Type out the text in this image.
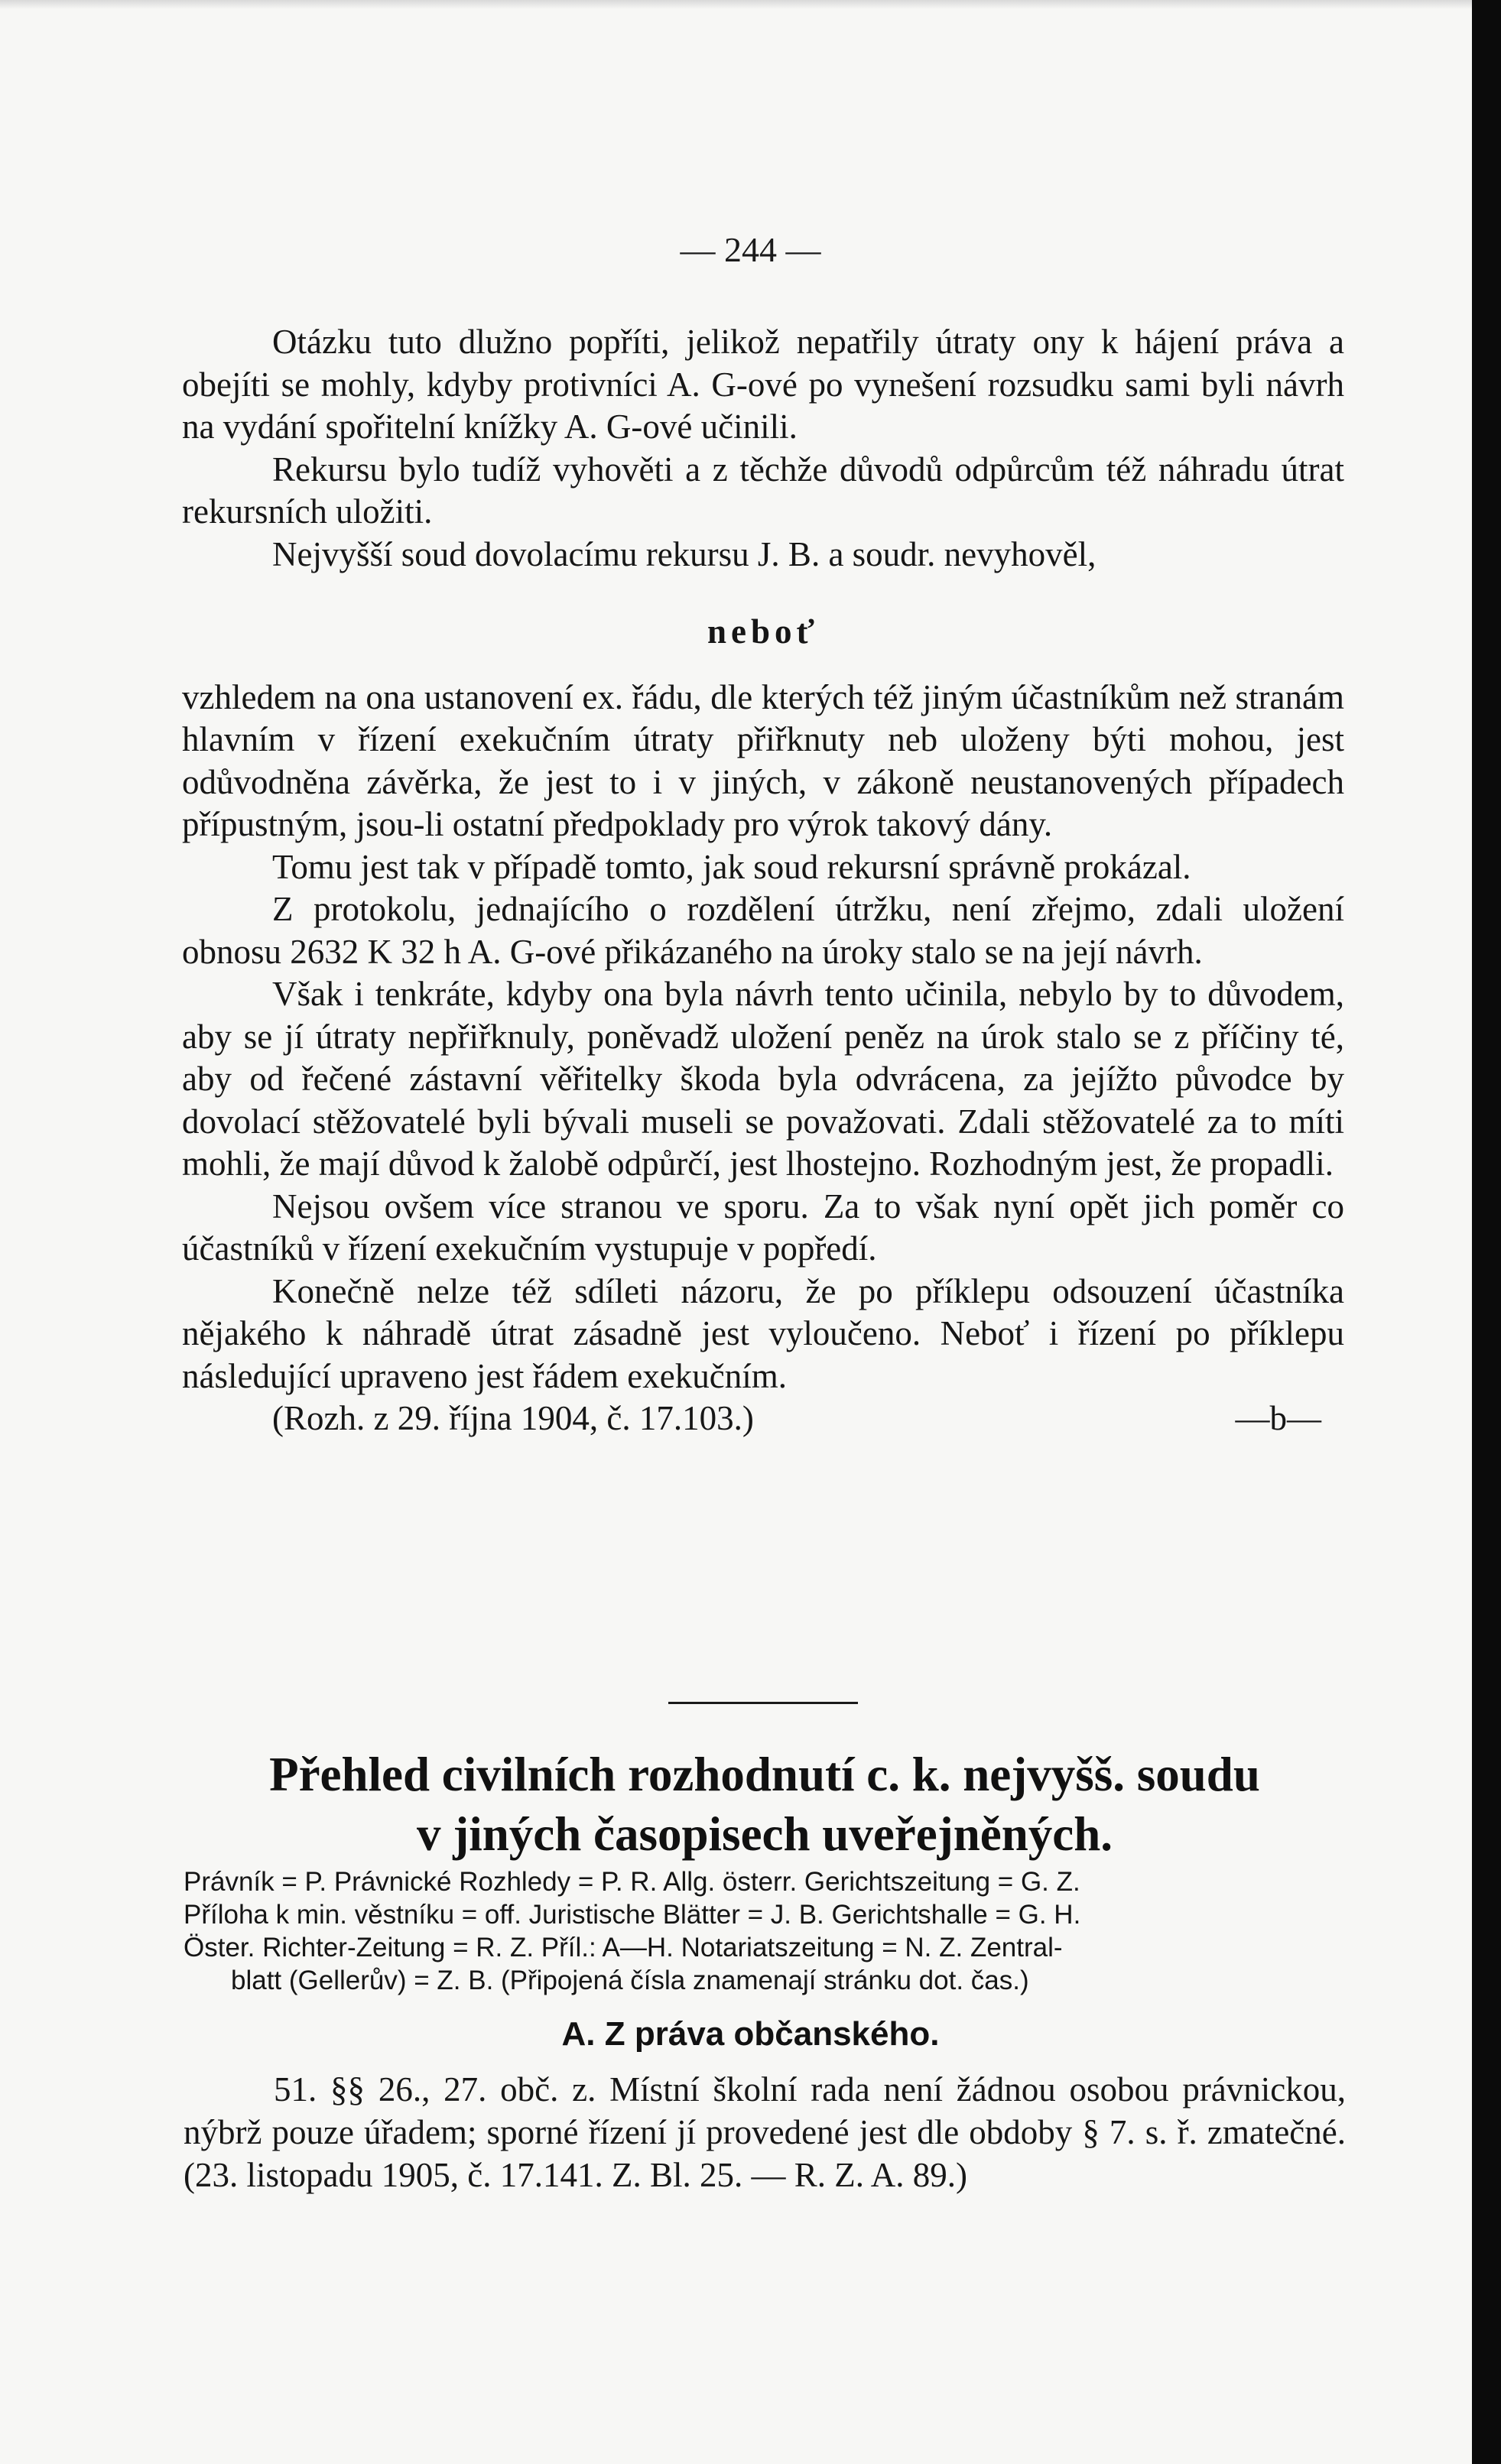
— 244 —

Otázku tuto dlužno popříti, jelikož nepatřily útraty ony k hájení práva a obejíti se mohly, kdyby protivníci A. G-ové po vynešení rozsudku sami byli návrh na vydání spořitelní knížky A. G-ové učinili.

Rekursu bylo tudíž vyhověti a z těchže důvodů odpůrcům též náhradu útrat rekursních uložiti.

Nejvyšší soud dovolacímu rekursu J. B. a soudr. nevyhověl,

neboť

vzhledem na ona ustanovení ex. řádu, dle kterých též jiným účastníkům než stranám hlavním v řízení exekučním útraty přiřknuty neb uloženy býti mohou, jest odůvodněna závěrka, že jest to i v jiných, v zákoně neustanovených případech přípustným, jsou-li ostatní předpoklady pro výrok takový dány.

Tomu jest tak v případě tomto, jak soud rekursní správně prokázal.

Z protokolu, jednajícího o rozdělení útržku, není zřejmo, zdali uložení obnosu 2632 K 32 h A. G-ové přikázaného na úroky stalo se na její návrh.

Však i tenkráte, kdyby ona byla návrh tento učinila, nebylo by to důvodem, aby se jí útraty nepřiřknuly, poněvadž uložení peněz na úrok stalo se z příčiny té, aby od řečené zástavní věřitelky škoda byla odvrácena, za jejížto původce by dovolací stěžovatelé byli bývali museli se považovati. Zdali stěžovatelé za to míti mohli, že mají důvod k žalobě odpůrčí, jest lhostejno. Rozhodným jest, že propadli.

Nejsou ovšem více stranou ve sporu. Za to však nyní opět jich poměr co účastníků v řízení exekučním vystupuje v popředí.

Konečně nelze též sdíleti názoru, že po příklepu odsouzení účastníka nějakého k náhradě útrat zásadně jest vyloučeno. Neboť i řízení po příklepu následující upraveno jest řádem exekučním.

(Rozh. z 29. října 1904, č. 17.103.)	—b—

Přehled civilních rozhodnutí c. k. nejvyšš. soudu
v jiných časopisech uveřejněných.
Právník = P. Právnické Rozhledy = P. R. Allg. österr. Gerichtszeitung = G. Z.
Příloha k min. věstníku = off. Juristische Blätter = J. B. Gerichtshalle = G. H.
Öster. Richter-Zeitung = R. Z. Příl.: A—H. Notariatszeitung = N. Z. Zentral-
blatt (Gellerův) = Z. B. (Připojená čísla znamenají stránku dot. čas.)
A. Z práva občanského.
51. §§ 26., 27. obč. z. Místní školní rada není žádnou osobou právnickou, nýbrž pouze úřadem; sporné řízení jí provedené jest dle obdoby § 7. s. ř. zmatečné. (23. listopadu 1905, č. 17.141. Z. Bl. 25. — R. Z. A. 89.)
